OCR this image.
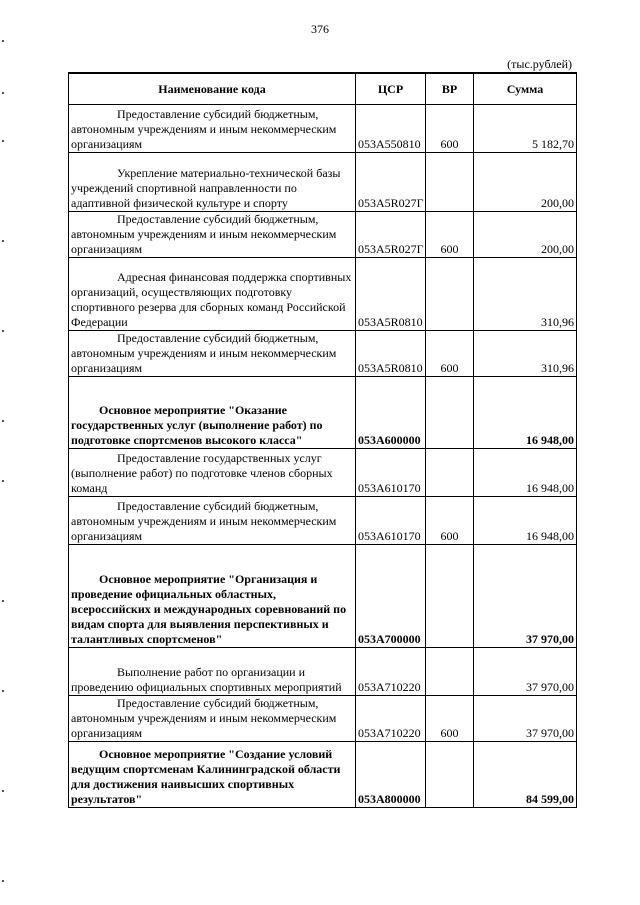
376
(тыс.рублей)
Наименование кода	ЦСР	ВР	Сумма
Предоставление субсидий бюджетным, автономным учреждениям и иным некоммерческим организациям	053А550810	600	5 182,70
Укрепление материально-технической базы учреждений спортивной направленности по адаптивной физической культуре и спорту	053А5R027Г		200,00
Предоставление субсидий бюджетным, автономным учреждениям и иным некоммерческим организациям	053А5R027Г	600	200,00
Адресная финансовая поддержка спортивных организаций, осуществляющих подготовку спортивного резерва для сборных команд Российской Федерации	053А5R0810		310,96
Предоставление субсидий бюджетным, автономным учреждениям и иным некоммерческим организациям	053А5R0810	600	310,96
Основное мероприятие "Оказание государственных услуг (выполнение работ) по подготовке спортсменов высокого класса"	053А600000		16 948,00
Предоставление государственных услуг (выполнение работ) по подготовке членов сборных команд	053А610170		16 948,00
Предоставление субсидий бюджетным, автономным учреждениям и иным некоммерческим организациям	053А610170	600	16 948,00
Основное мероприятие "Организация и проведение официальных областных, всероссийских и международных соревнований по видам спорта для выявления перспективных и талантливых спортсменов"	053А700000		37 970,00
Выполнение работ по организации и проведению официальных спортивных мероприятий	053А710220		37 970,00
Предоставление субсидий бюджетным, автономным учреждениям и иным некоммерческим организациям	053А710220	600	37 970,00
Основное мероприятие "Создание условий ведущим спортсменам Калининградской области для достижения наивысших спортивных результатов"	053А800000		84 599,00
